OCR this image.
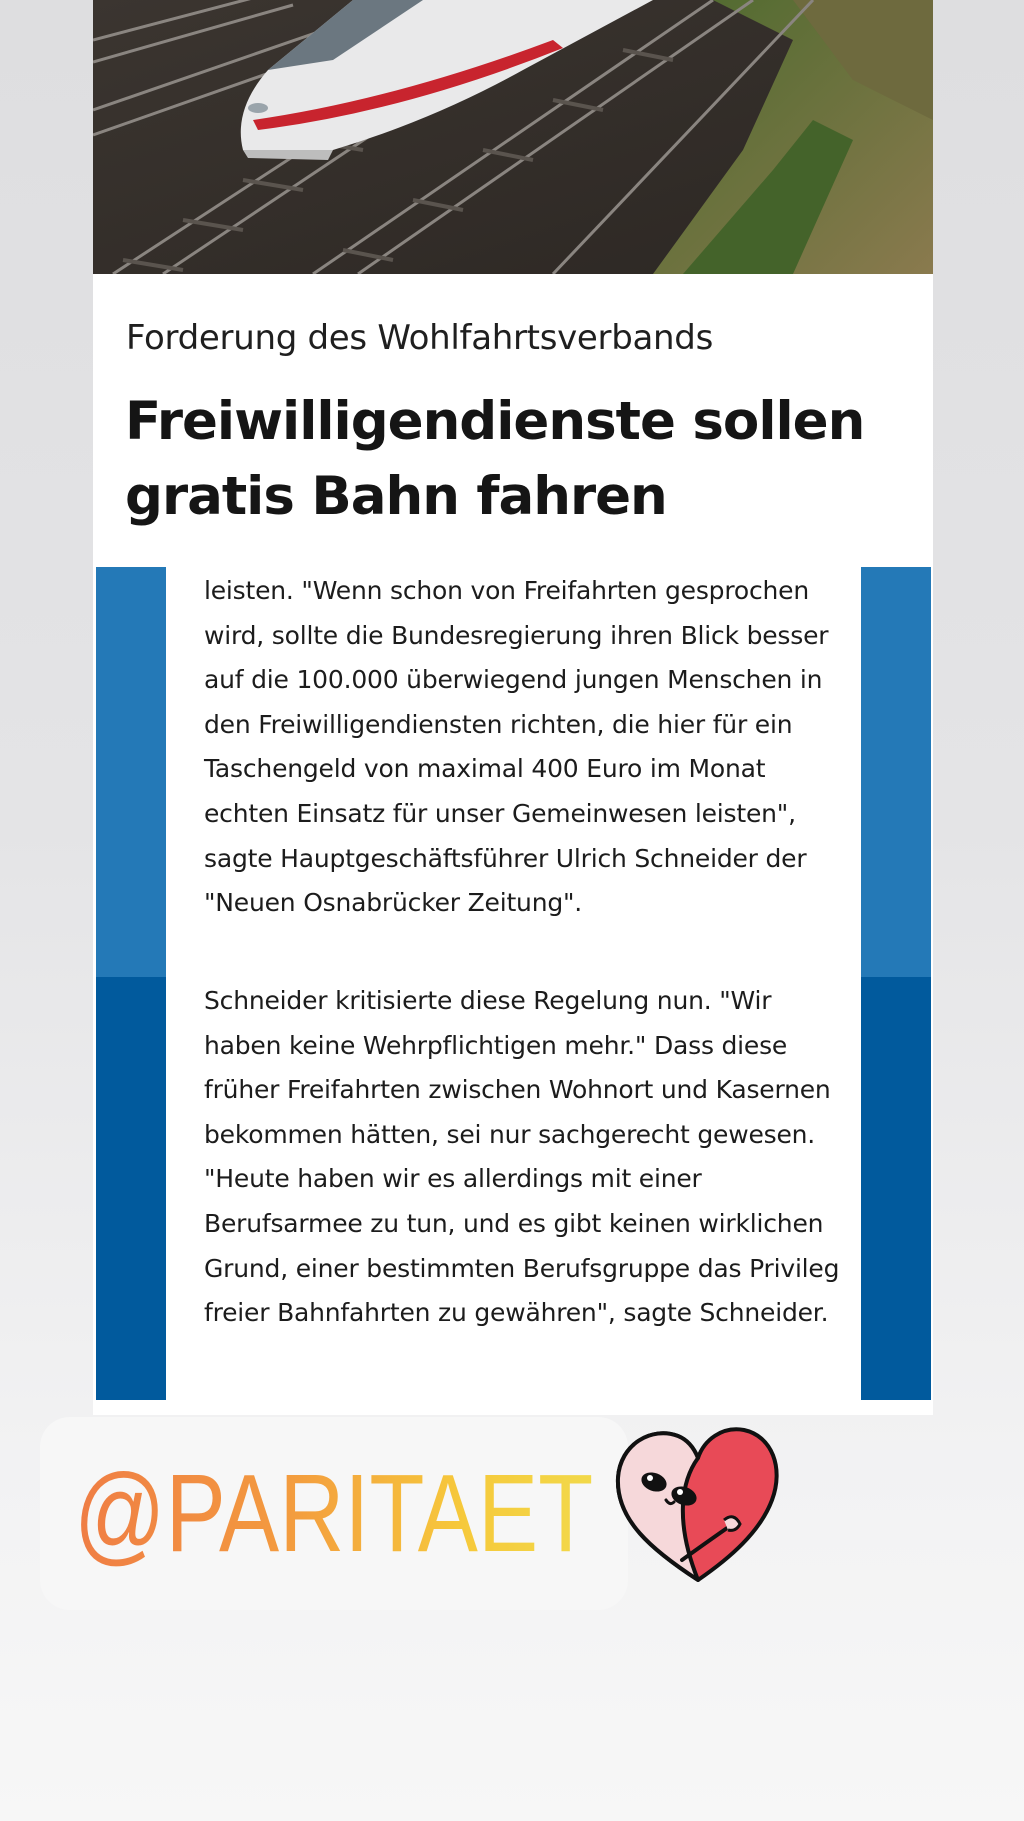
Forderung des Wohlfahrtsverbands
Freiwilligendienste sollen gratis Bahn fahren

leisten. "Wenn schon von Freifahrten gesprochen wird, sollte die Bundesregierung ihren Blick besser auf die 100.000 überwiegend jungen Menschen in den Freiwilligendiensten richten, die hier für ein Taschengeld von maximal 400 Euro im Monat echten Einsatz für unser Gemeinwesen leisten", sagte Hauptgeschäftsführer Ulrich Schneider der "Neuen Osnabrücker Zeitung".

Schneider kritisierte diese Regelung nun. "Wir haben keine Wehrpflichtigen mehr." Dass diese früher Freifahrten zwischen Wohnort und Kasernen bekommen hätten, sei nur sachgerecht gewesen. "Heute haben wir es allerdings mit einer Berufsarmee zu tun, und es gibt keinen wirklichen Grund, einer bestimmten Berufsgruppe das Privileg freier Bahnfahrten zu gewähren", sagte Schneider.

@PARITAET
